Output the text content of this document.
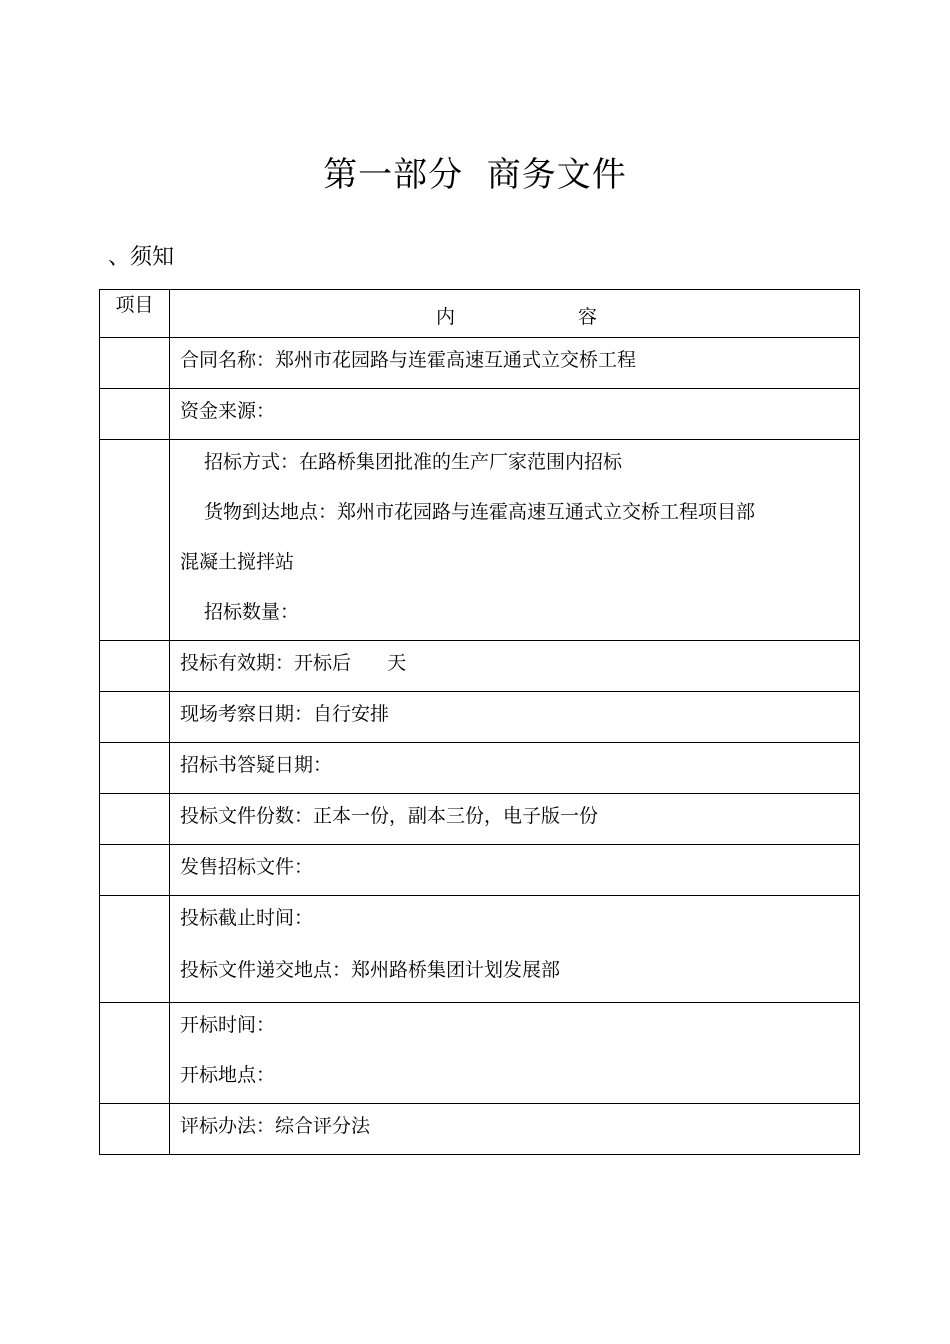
第一部分  商务文件
、须知
项目	内 容

	合同名称：郑州市花园路与连霍高速互通式立交桥工程

	资金来源：

	招标方式：在路桥集团批准的生产厂家范围内招标
货物到达地点：郑州市花园路与连霍高速互通式立交桥工程项目部
混凝土搅拌站
招标数量：

	投标有效期：开标后      天

	现场考察日期：自行安排

	招标书答疑日期：

	投标文件份数：正本一份，副本三份，电子版一份

	发售招标文件：

	投标截止时间：
投标文件递交地点：郑州路桥集团计划发展部

	开标时间：
开标地点：

	评标办法：综合评分法
